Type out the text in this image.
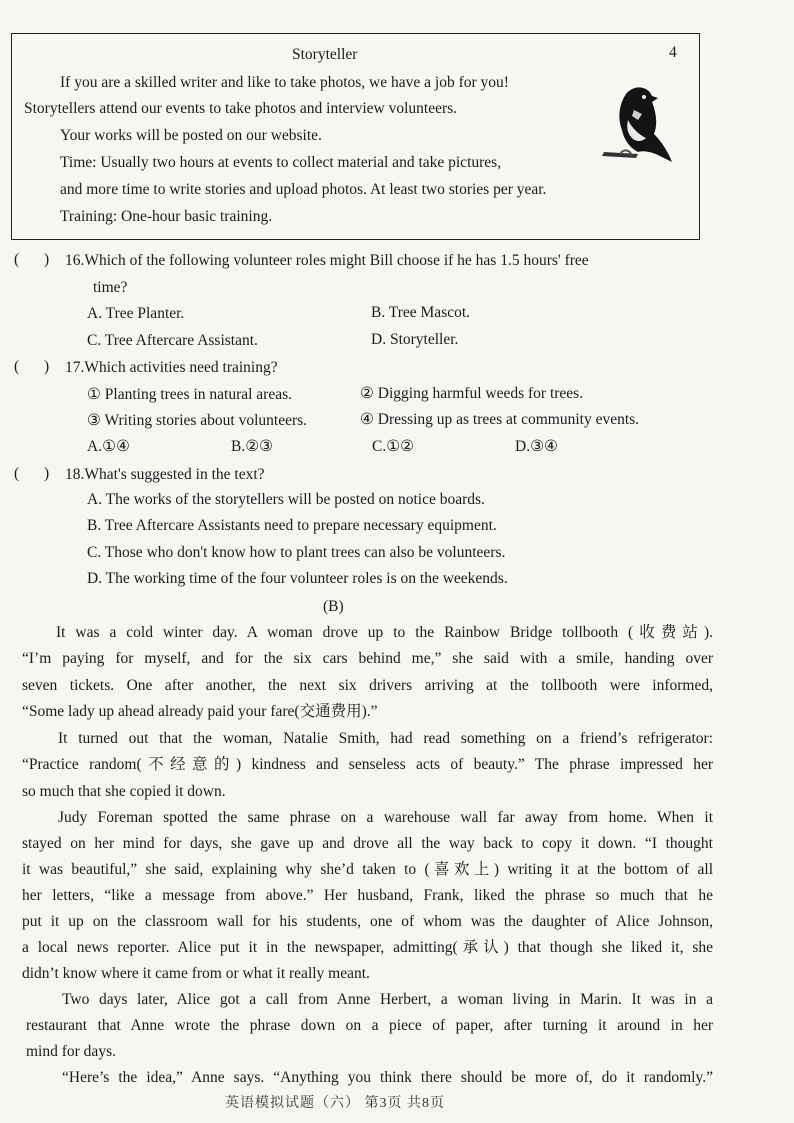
Storyteller	4
If you are a skilled writer and like to take photos, we have a job for you!
Storytellers attend our events to take photos and interview volunteers.
Your works will be posted on our website.
Time: Usually two hours at events to collect material and take pictures,
and more time to write stories and upload photos. At least two stories per year.
Training: One-hour basic training.
( ) 16.Which of the following volunteer roles might Bill choose if he has 1.5 hours' free
time?
A. Tree Planter.	B. Tree Mascot.
C. Tree Aftercare Assistant.	D. Storyteller.
( ) 17.Which activities need training?
① Planting trees in natural areas.	② Digging harmful weeds for trees.
③ Writing stories about volunteers.	④ Dressing up as trees at community events.
A.①④	B.②③	C.①②	D.③④
( ) 18.What's suggested in the text?
A. The works of the storytellers will be posted on notice boards.
B. Tree Aftercare Assistants need to prepare necessary equipment.
C. Those who don't know how to plant trees can also be volunteers.
D. The working time of the four volunteer roles is on the weekends.
(B)
It was a cold winter day. A woman drove up to the Rainbow Bridge tollbooth (收费站).
“I’m paying for myself, and for the six cars behind me,” she said with a smile, handing over
seven tickets. One after another, the next six drivers arriving at the tollbooth were informed,
“Some lady up ahead already paid your fare(交通费用).”
It turned out that the woman, Natalie Smith, had read something on a friend’s refrigerator:
“Practice random(不经意的) kindness and senseless acts of beauty.” The phrase impressed her
so much that she copied it down.
Judy Foreman spotted the same phrase on a warehouse wall far away from home. When it
stayed on her mind for days, she gave up and drove all the way back to copy it down. “I thought
it was beautiful,” she said, explaining why she’d taken to (喜欢上) writing it at the bottom of all
her letters, “like a message from above.” Her husband, Frank, liked the phrase so much that he
put it up on the classroom wall for his students, one of whom was the daughter of Alice Johnson,
a local news reporter. Alice put it in the newspaper, admitting(承认) that though she liked it, she
didn’t know where it came from or what it really meant.
Two days later, Alice got a call from Anne Herbert, a woman living in Marin. It was in a
restaurant that Anne wrote the phrase down on a piece of paper, after turning it around in her
mind for days.
“Here’s the idea,” Anne says. “Anything you think there should be more of, do it randomly.”
英语模拟试题（六） 第3页 共8页
